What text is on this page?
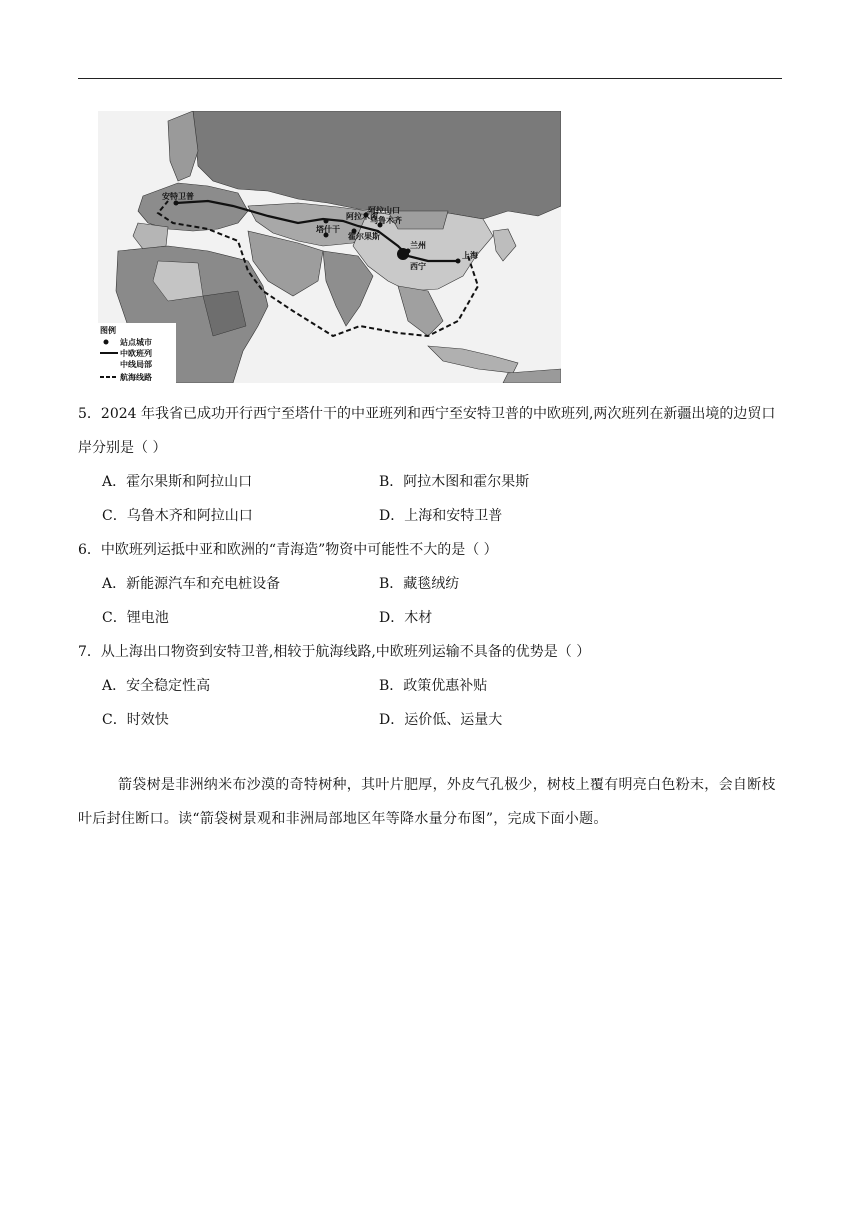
安特卫普
阿拉木图
阿拉山口
乌鲁木齐
塔什干
霍尔果斯
兰州
西宁
上海
图例
站点城市
中欧班列
中线局部
航海线路
5．2024 年我省已成功开行西宁至塔什干的中亚班列和西宁至安特卫普的中欧班列,两次班列在新疆出境的边贸口岸分别是（ ）
A．霍尔果斯和阿拉山口	B．阿拉木图和霍尔果斯
C．乌鲁木齐和阿拉山口	D．上海和安特卫普
6．中欧班列运抵中亚和欧洲的“青海造”物资中可能性不大的是（ ）
A．新能源汽车和充电桩设备	B．藏毯绒纺
C．锂电池	D．木材
7．从上海出口物资到安特卫普,相较于航海线路,中欧班列运输不具备的优势是（ ）
A．安全稳定性高	B．政策优惠补贴
C．时效快	D．运价低、运量大
箭袋树是非洲纳米布沙漠的奇特树种，其叶片肥厚，外皮气孔极少，树枝上覆有明亮白色粉末，会自断枝叶后封住断口。读“箭袋树景观和非洲局部地区年等降水量分布图”，完成下面小题。
